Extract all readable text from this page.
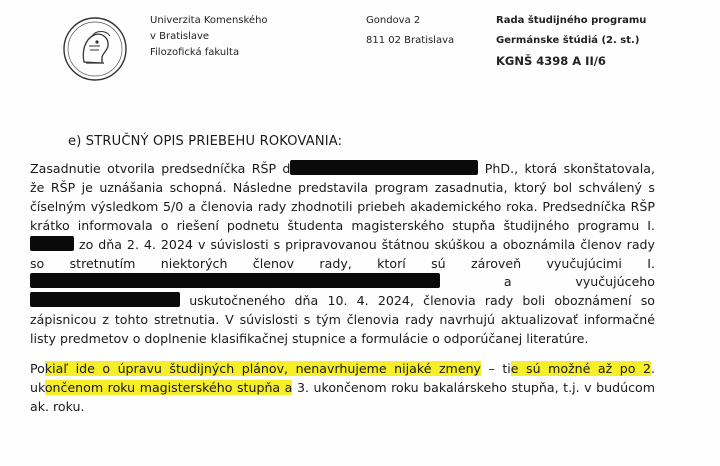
Univerzita Komenského
v Bratislave
Filozofická fakulta
Gondova 2
811 02 Bratislava
Rada študijného programu
Germánske štúdiá (2. st.)
KGNŠ 4398 A II/6
e) STRUČNÝ OPIS PRIEBEHU ROKOVANIA:

Zasadnutie otvorila predsedníčka RŠP d	PhD., ktorá skonštatovala, že RŠP je uznášania schopná. Následne predstavila program zasadnutia, ktorý bol schválený s číselným výsledkom 5/0 a členovia rady zhodnotili priebeh akademického roka. Predsedníčka RŠP krátko informovala o riešení podnetu študenta magisterského stupňa študijného programu I. zo dňa 2. 4. 2024 v súvislosti s pripravovanou štátnou skúškou a oboznámila členov rady so stretnutím niektorých členov rady, ktorí sú zároveň vyučujúcimi I. a vyučujúceho  uskutočneného dňa 10. 4. 2024, členovia rady boli oboznámení so zápisnicou z tohto stretnutia. V súvislosti s tým členovia rady navrhujú aktualizovať informačné listy predmetov o doplnenie klasifikačnej stupnice a formulácie o odporúčanej literatúre.

Pokiaľ ide o úpravu študijných plánov, nenavrhujeme nijaké zmeny – tie sú možné až po 2. ukončenom roku magisterského stupňa a 3. ukončenom roku bakalárskeho stupňa, t.j. v budúcom ak. roku.
